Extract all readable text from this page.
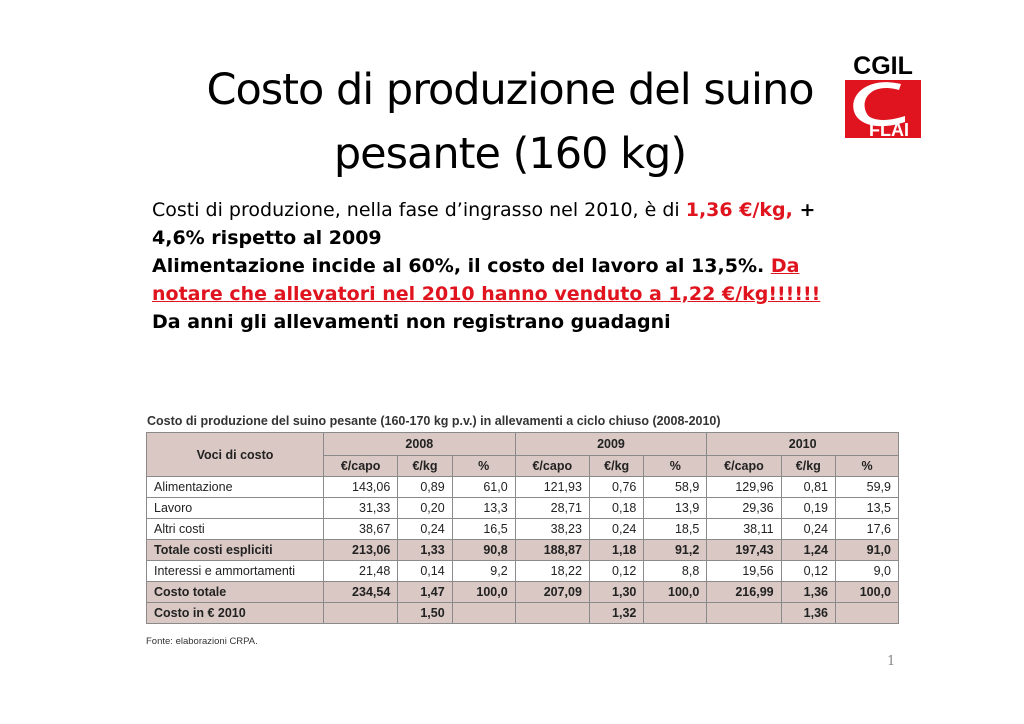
Costo di produzione del suino
pesante (160 kg)
CGIL
FLAI
Costi di produzione, nella fase d’ingrasso nel 2010, è di 1,36 €/kg, + 4,6% rispetto al 2009
Alimentazione incide al 60%, il costo del lavoro al 13,5%. Da notare che allevatori nel 2010 hanno venduto a 1,22 €/kg!!!!!!
Da anni gli allevamenti non registrano guadagni
Costo di produzione del suino pesante (160-170 kg p.v.) in allevamenti a ciclo chiuso (2008-2010)
Voci di costo	2008			2009			2010		
	€/capo	€/kg	%	€/capo	€/kg	%	€/capo	€/kg	%
Alimentazione	143,06	0,89	61,0	121,93	0,76	58,9	129,96	0,81	59,9
Lavoro	31,33	0,20	13,3	28,71	0,18	13,9	29,36	0,19	13,5
Altri costi	38,67	0,24	16,5	38,23	0,24	18,5	38,11	0,24	17,6
Totale costi espliciti	213,06	1,33	90,8	188,87	1,18	91,2	197,43	1,24	91,0
Interessi e ammortamenti	21,48	0,14	9,2	18,22	0,12	8,8	19,56	0,12	9,0
Costo totale	234,54	1,47	100,0	207,09	1,30	100,0	216,99	1,36	100,0
Costo in € 2010		1,50			1,32			1,36	
Fonte: elaborazioni CRPA.
1
